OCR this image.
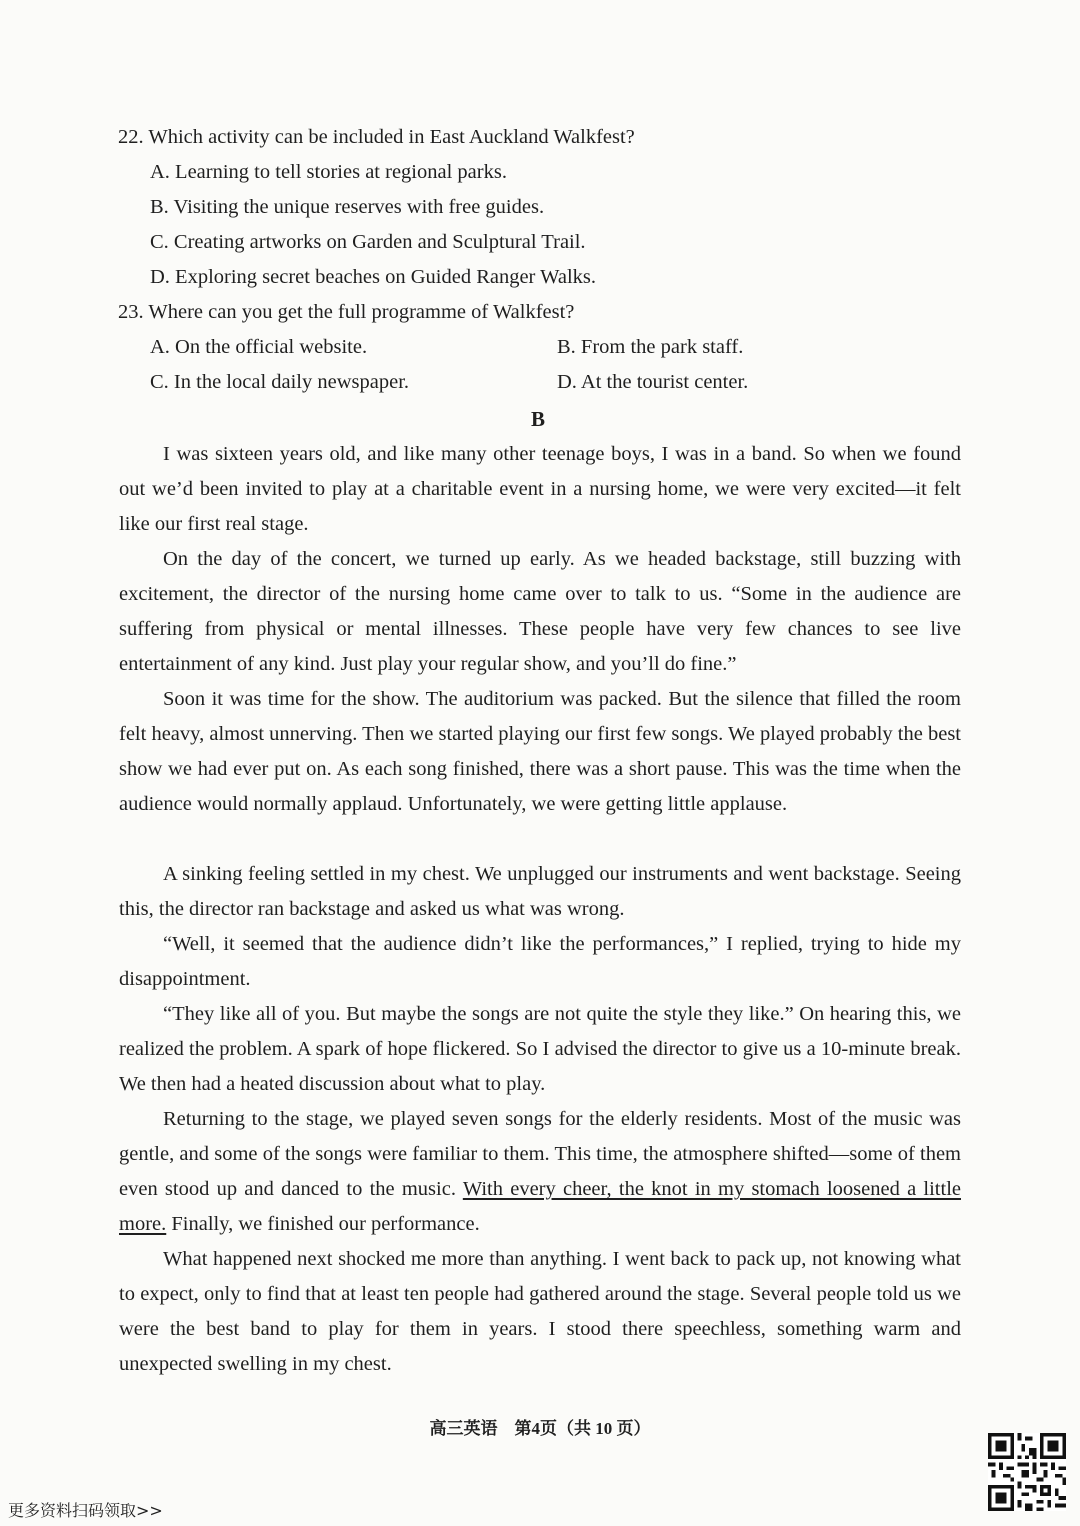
22. Which activity can be included in East Auckland Walkfest?
A. Learning to tell stories at regional parks.
B. Visiting the unique reserves with free guides.
C. Creating artworks on Garden and Sculptural Trail.
D. Exploring secret beaches on Guided Ranger Walks.
23. Where can you get the full programme of Walkfest?
A. On the official website.	B. From the park staff.
C. In the local daily newspaper.	D. At the tourist center.
B

I was sixteen years old, and like many other teenage boys, I was in a band. So when we found out we’d been invited to play at a charitable event in a nursing home, we were very excited—it felt like our first real stage.

On the day of the concert, we turned up early. As we headed backstage, still buzzing with excitement, the director of the nursing home came over to talk to us. “Some in the audience are suffering from physical or mental illnesses. These people have very few chances to see live entertainment of any kind. Just play your regular show, and you’ll do fine.”

Soon it was time for the show. The auditorium was packed. But the silence that filled the room felt heavy, almost unnerving. Then we started playing our first few songs. We played probably the best show we had ever put on. As each song finished, there was a short pause. This was the time when the audience would normally applaud. Unfortunately, we were getting little applause.

A sinking feeling settled in my chest. We unplugged our instruments and went backstage. Seeing this, the director ran backstage and asked us what was wrong.

“Well, it seemed that the audience didn’t like the performances,” I replied, trying to hide my disappointment.

“They like all of you. But maybe the songs are not quite the style they like.” On hearing this, we realized the problem. A spark of hope flickered. So I advised the director to give us a 10-minute break. We then had a heated discussion about what to play.

Returning to the stage, we played seven songs for the elderly residents. Most of the music was gentle, and some of the songs were familiar to them. This time, the atmosphere shifted—some of them even stood up and danced to the music. With every cheer, the knot in my stomach loosened a little more. Finally, we finished our performance.

What happened next shocked me more than anything. I went back to pack up, not knowing what to expect, only to find that at least ten people had gathered around the stage. Several people told us we were the best band to play for them in years. I stood there speechless, something warm and unexpected swelling in my chest.

高三英语　第4页（共 10 页）
更多资料扫码领取>>
